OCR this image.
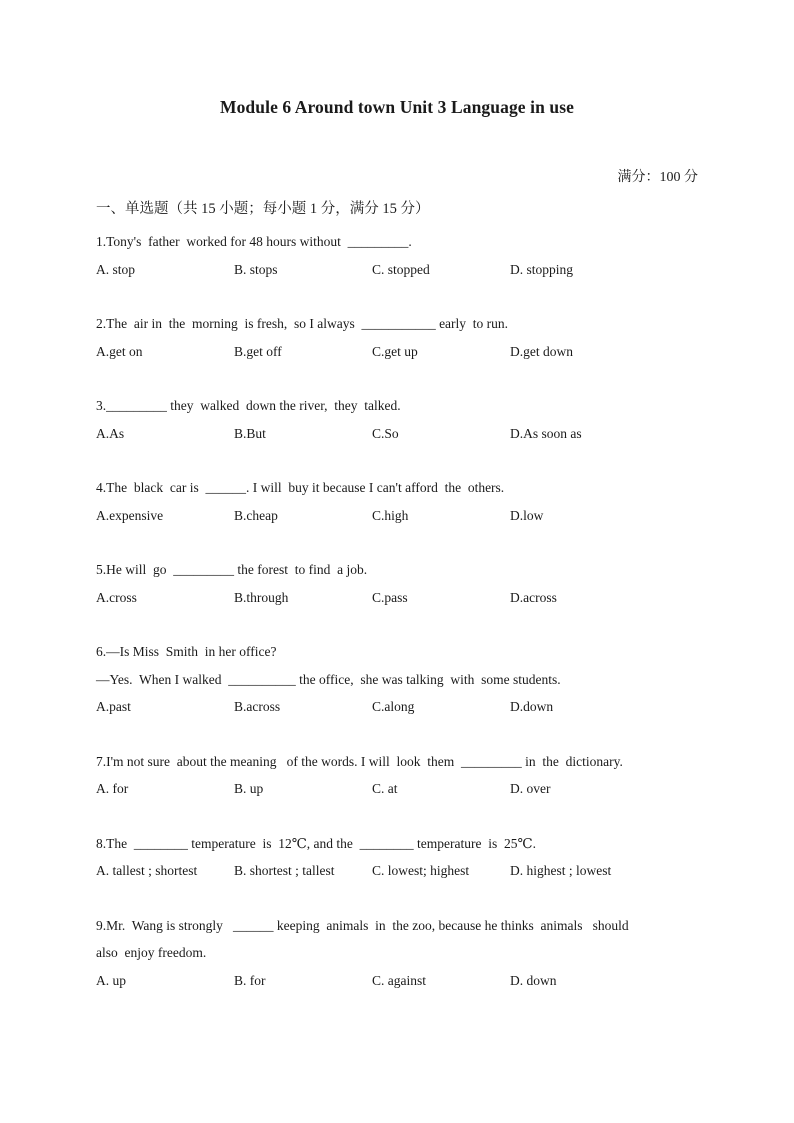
Module 6 Around town Unit 3 Language in use
满分：100 分
一、单选题（共 15 小题；每小题 1 分，满分 15 分）
1.Tony's  father  worked for 48 hours without  _________.
A. stop	B. stops	C. stopped	D. stopping
2.The  air in  the  morning  is fresh,  so I always  ___________ early  to run.
A.get on	B.get off	C.get up	D.get down
3._________ they  walked  down the river,  they  talked.
A.As	B.But	C.So	D.As soon as
4.The  black  car is  ______. I will  buy it because I can't afford  the  others.
A.expensive	B.cheap	C.high	D.low
5.He will  go  _________ the forest  to find  a job.
A.cross	B.through	C.pass	D.across
6.—Is Miss  Smith  in her office?
—Yes.  When I walked  __________ the office,  she was talking  with  some students.
A.past	B.across	C.along	D.down
7.I'm not sure  about the meaning   of the words. I will  look  them  _________ in  the  dictionary.
A. for	B. up	C. at	D. over
8.The  ________ temperature  is  12℃, and the  ________ temperature  is  25℃.
A. tallest ; shortest	B. shortest ; tallest	C. lowest; highest	D. highest ; lowest
9.Mr.  Wang is strongly   ______ keeping  animals  in  the zoo, because he thinks  animals   should
also  enjoy freedom.
A. up	B. for	C. against	D. down
